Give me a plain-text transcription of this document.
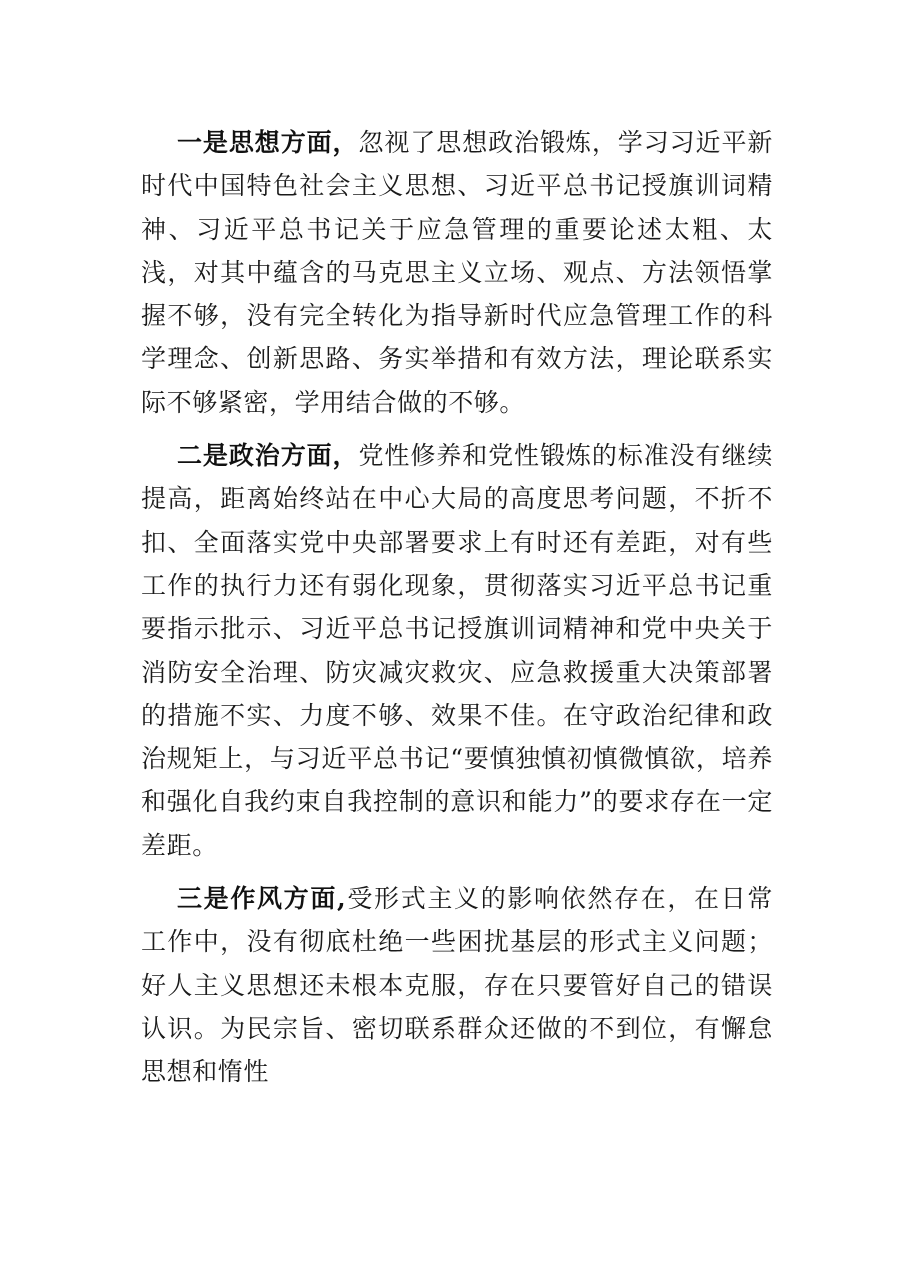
一是思想方面，忽视了思想政治锻炼，学习习近平新时代中国特色社会主义思想、习近平总书记授旗训词精神、习近平总书记关于应急管理的重要论述太粗、太浅，对其中蕴含的马克思主义立场、观点、方法领悟掌握不够，没有完全转化为指导新时代应急管理工作的科学理念、创新思路、务实举措和有效方法，理论联系实际不够紧密，学用结合做的不够。

二是政治方面，党性修养和党性锻炼的标准没有继续提高，距离始终站在中心大局的高度思考问题，不折不扣、全面落实党中央部署要求上有时还有差距，对有些工作的执行力还有弱化现象，贯彻落实习近平总书记重要指示批示、习近平总书记授旗训词精神和党中央关于消防安全治理、防灾减灾救灾、应急救援重大决策部署的措施不实、力度不够、效果不佳。在守政治纪律和政治规矩上，与习近平总书记“要慎独慎初慎微慎欲，培养和强化自我约束自我控制的意识和能力”的要求存在一定差距。

三是作风方面,受形式主义的影响依然存在，在日常工作中，没有彻底杜绝一些困扰基层的形式主义问题；好人主义思想还未根本克服，存在只要管好自己的错误认识。为民宗旨、密切联系群众还做的不到位，有懈怠思想和惰性
